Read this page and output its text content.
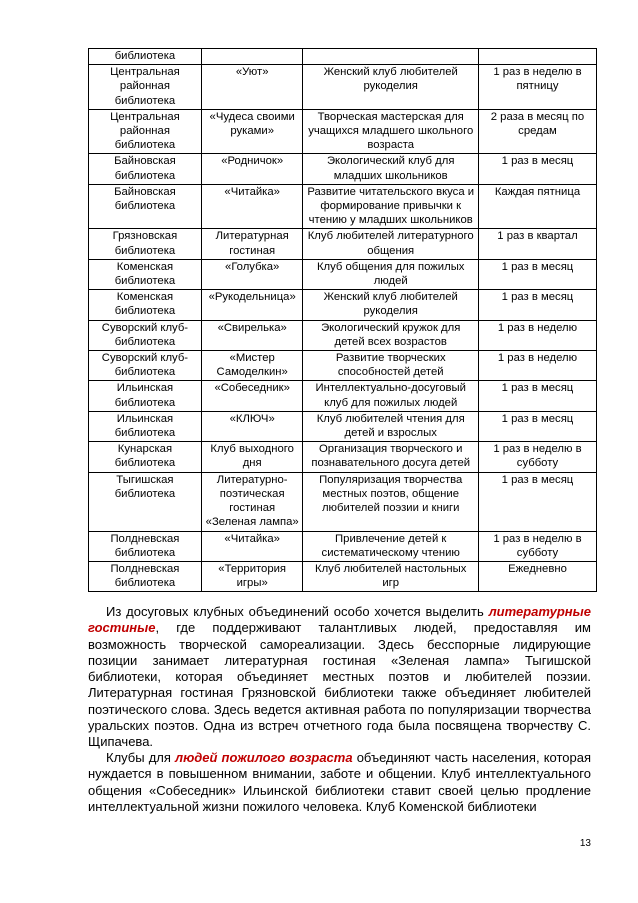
библиотека			
Центральная районная библиотека	«Уют»	Женский клуб любителей рукоделия	1 раз в неделю в пятницу
Центральная районная библиотека	«Чудеса своими руками»	Творческая мастерская для учащихся младшего школьного возраста	2 раза в месяц по средам
Байновская библиотека	«Родничок»	Экологический клуб для младших школьников	1 раз в месяц
Байновская библиотека	«Читайка»	Развитие читательского вкуса и формирование привычки к чтению у младших школьников	Каждая пятница
Грязновская библиотека	Литературная гостиная	Клуб любителей литературного общения	1 раз в квартал
Коменская библиотека	«Голубка»	Клуб общения для пожилых людей	1 раз в месяц
Коменская библиотека	«Рукодельница»	Женский клуб любителей рукоделия	1 раз в месяц
Суворский клуб-библиотека	«Свирелька»	Экологический кружок для детей всех возрастов	1 раз в неделю
Суворский клуб-библиотека	«Мистер Самоделкин»	Развитие творческих способностей детей	1 раз в неделю
Ильинская библиотека	«Собеседник»	Интеллектуально-досуговый клуб для пожилых людей	1 раз в месяц
Ильинская библиотека	«КЛЮЧ»	Клуб любителей чтения для детей и взрослых	1 раз в месяц
Кунарская библиотека	Клуб выходного дня	Организация творческого и познавательного досуга детей	1 раз в неделю в субботу
Тыгишская библиотека	Литературно-поэтическая гостиная «Зеленая лампа»	Популяризация творчества местных поэтов, общение любителей поэзии и книги	1 раз в месяц
Полдневская библиотека	«Читайка»	Привлечение детей к систематическому чтению	1 раз в неделю в субботу
Полдневская библиотека	«Территория игры»	Клуб любителей настольных игр	Ежедневно

Из досуговых клубных объединений особо хочется выделить литературные гостиные, где поддерживают талантливых людей, предоставляя им возможность творческой самореализации. Здесь бесспорные лидирующие позиции занимает литературная гостиная «Зеленая лампа» Тыгишской библиотеки, которая объединяет местных поэтов и любителей поэзии. Литературная гостиная Грязновской библиотеки также объединяет любителей поэтического слова. Здесь ведется активная работа по популяризации творчества уральских поэтов. Одна из встреч отчетного года была посвящена творчеству С. Щипачева.

Клубы для людей пожилого возраста объединяют часть населения, которая нуждается в повышенном внимании, заботе и общении. Клуб интеллектуального общения «Собеседник» Ильинской библиотеки ставит своей целью продление интеллектуальной жизни пожилого человека. Клуб Коменской библиотеки

13
